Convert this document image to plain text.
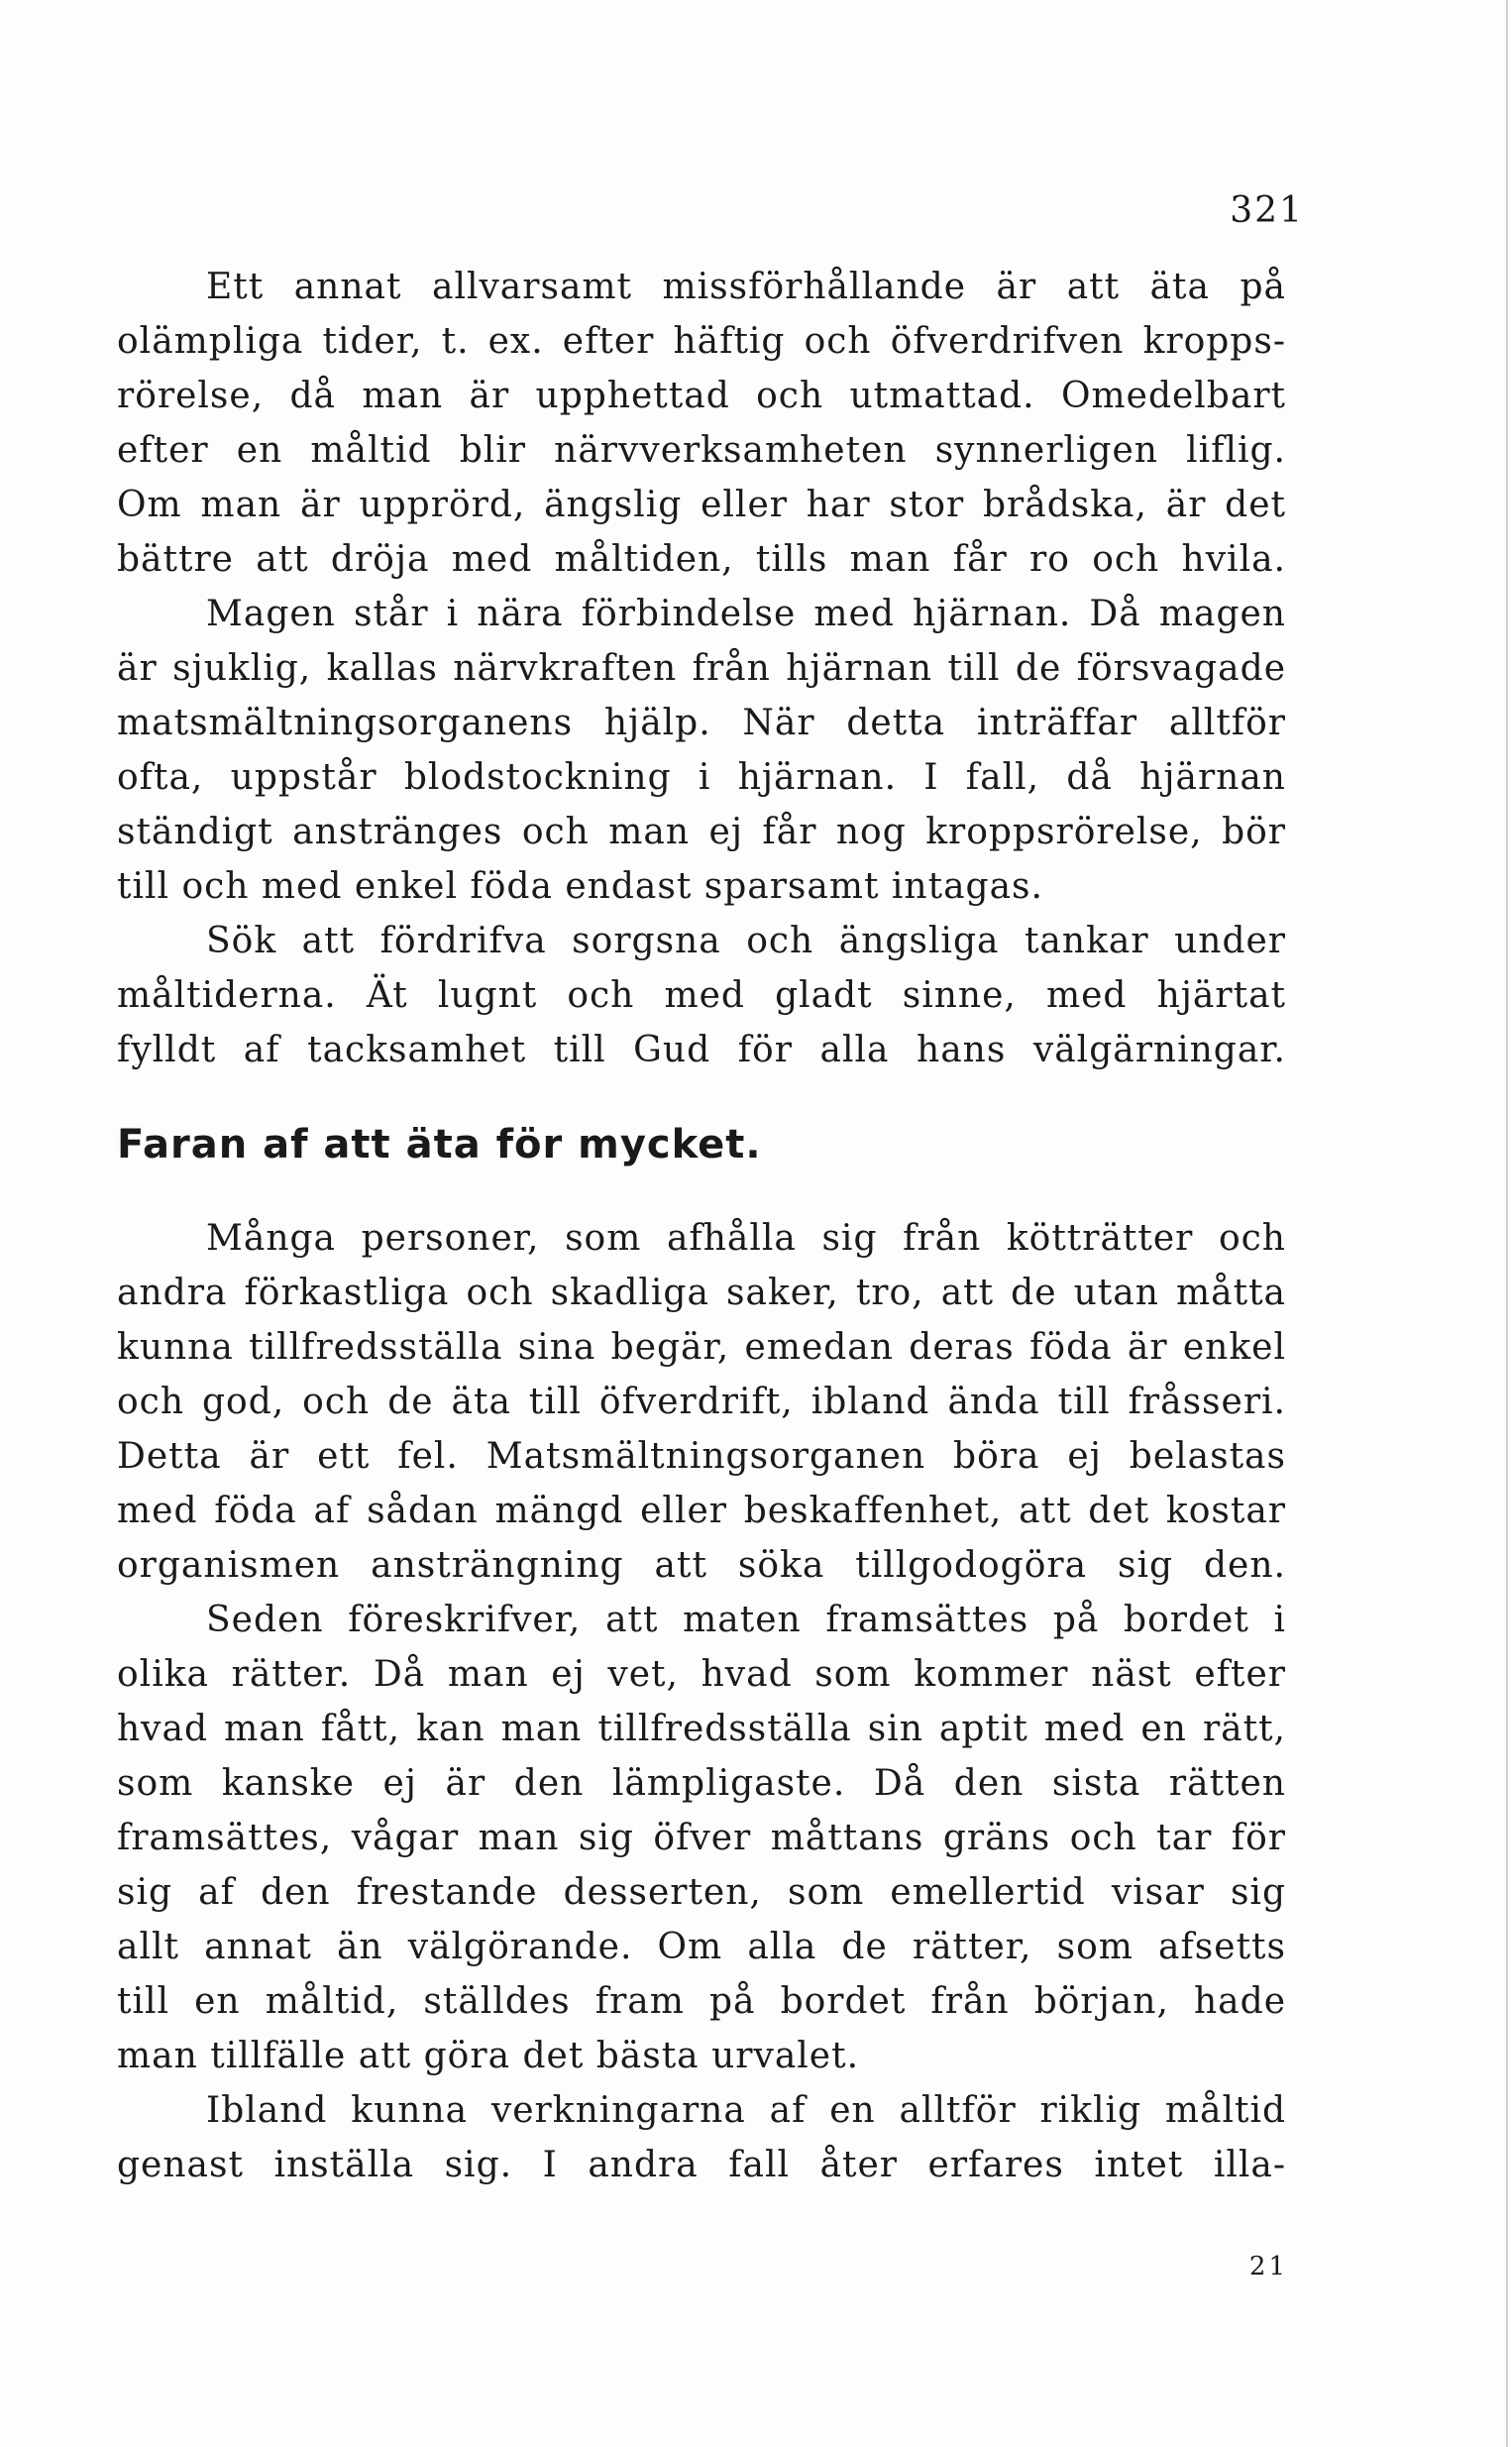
321
Ett annat allvarsamt missförhållande är att äta på
olämpliga tider, t. ex. efter häftig och öfverdrifven kropps-
rörelse, då man är upphettad och utmattad. Omedelbart
efter en måltid blir närvverksamheten synnerligen liflig.
Om man är upprörd, ängslig eller har stor brådska, är det
bättre att dröja med måltiden, tills man får ro och hvila.
Magen står i nära förbindelse med hjärnan. Då magen
är sjuklig, kallas närvkraften från hjärnan till de försvagade
matsmältningsorganens hjälp. När detta inträffar alltför
ofta, uppstår blodstockning i hjärnan. I fall, då hjärnan
ständigt anstränges och man ej får nog kroppsrörelse, bör
till och med enkel föda endast sparsamt intagas.
Sök att fördrifva sorgsna och ängsliga tankar under
måltiderna. Ät lugnt och med gladt sinne, med hjärtat
fylldt af tacksamhet till Gud för alla hans välgärningar.
Faran af att äta för mycket.
Många personer, som afhålla sig från kötträtter och
andra förkastliga och skadliga saker, tro, att de utan måtta
kunna tillfredsställa sina begär, emedan deras föda är enkel
och god, och de äta till öfverdrift, ibland ända till fråsseri.
Detta är ett fel. Matsmältningsorganen böra ej belastas
med föda af sådan mängd eller beskaffenhet, att det kostar
organismen ansträngning att söka tillgodogöra sig den.
Seden föreskrifver, att maten framsättes på bordet i
olika rätter. Då man ej vet, hvad som kommer näst efter
hvad man fått, kan man tillfredsställa sin aptit med en rätt,
som kanske ej är den lämpligaste. Då den sista rätten
framsättes, vågar man sig öfver måttans gräns och tar för
sig af den frestande desserten, som emellertid visar sig
allt annat än välgörande. Om alla de rätter, som afsetts
till en måltid, ställdes fram på bordet från början, hade
man tillfälle att göra det bästa urvalet.
Ibland kunna verkningarna af en alltför riklig måltid
genast inställa sig. I andra fall åter erfares intet illa-
21
